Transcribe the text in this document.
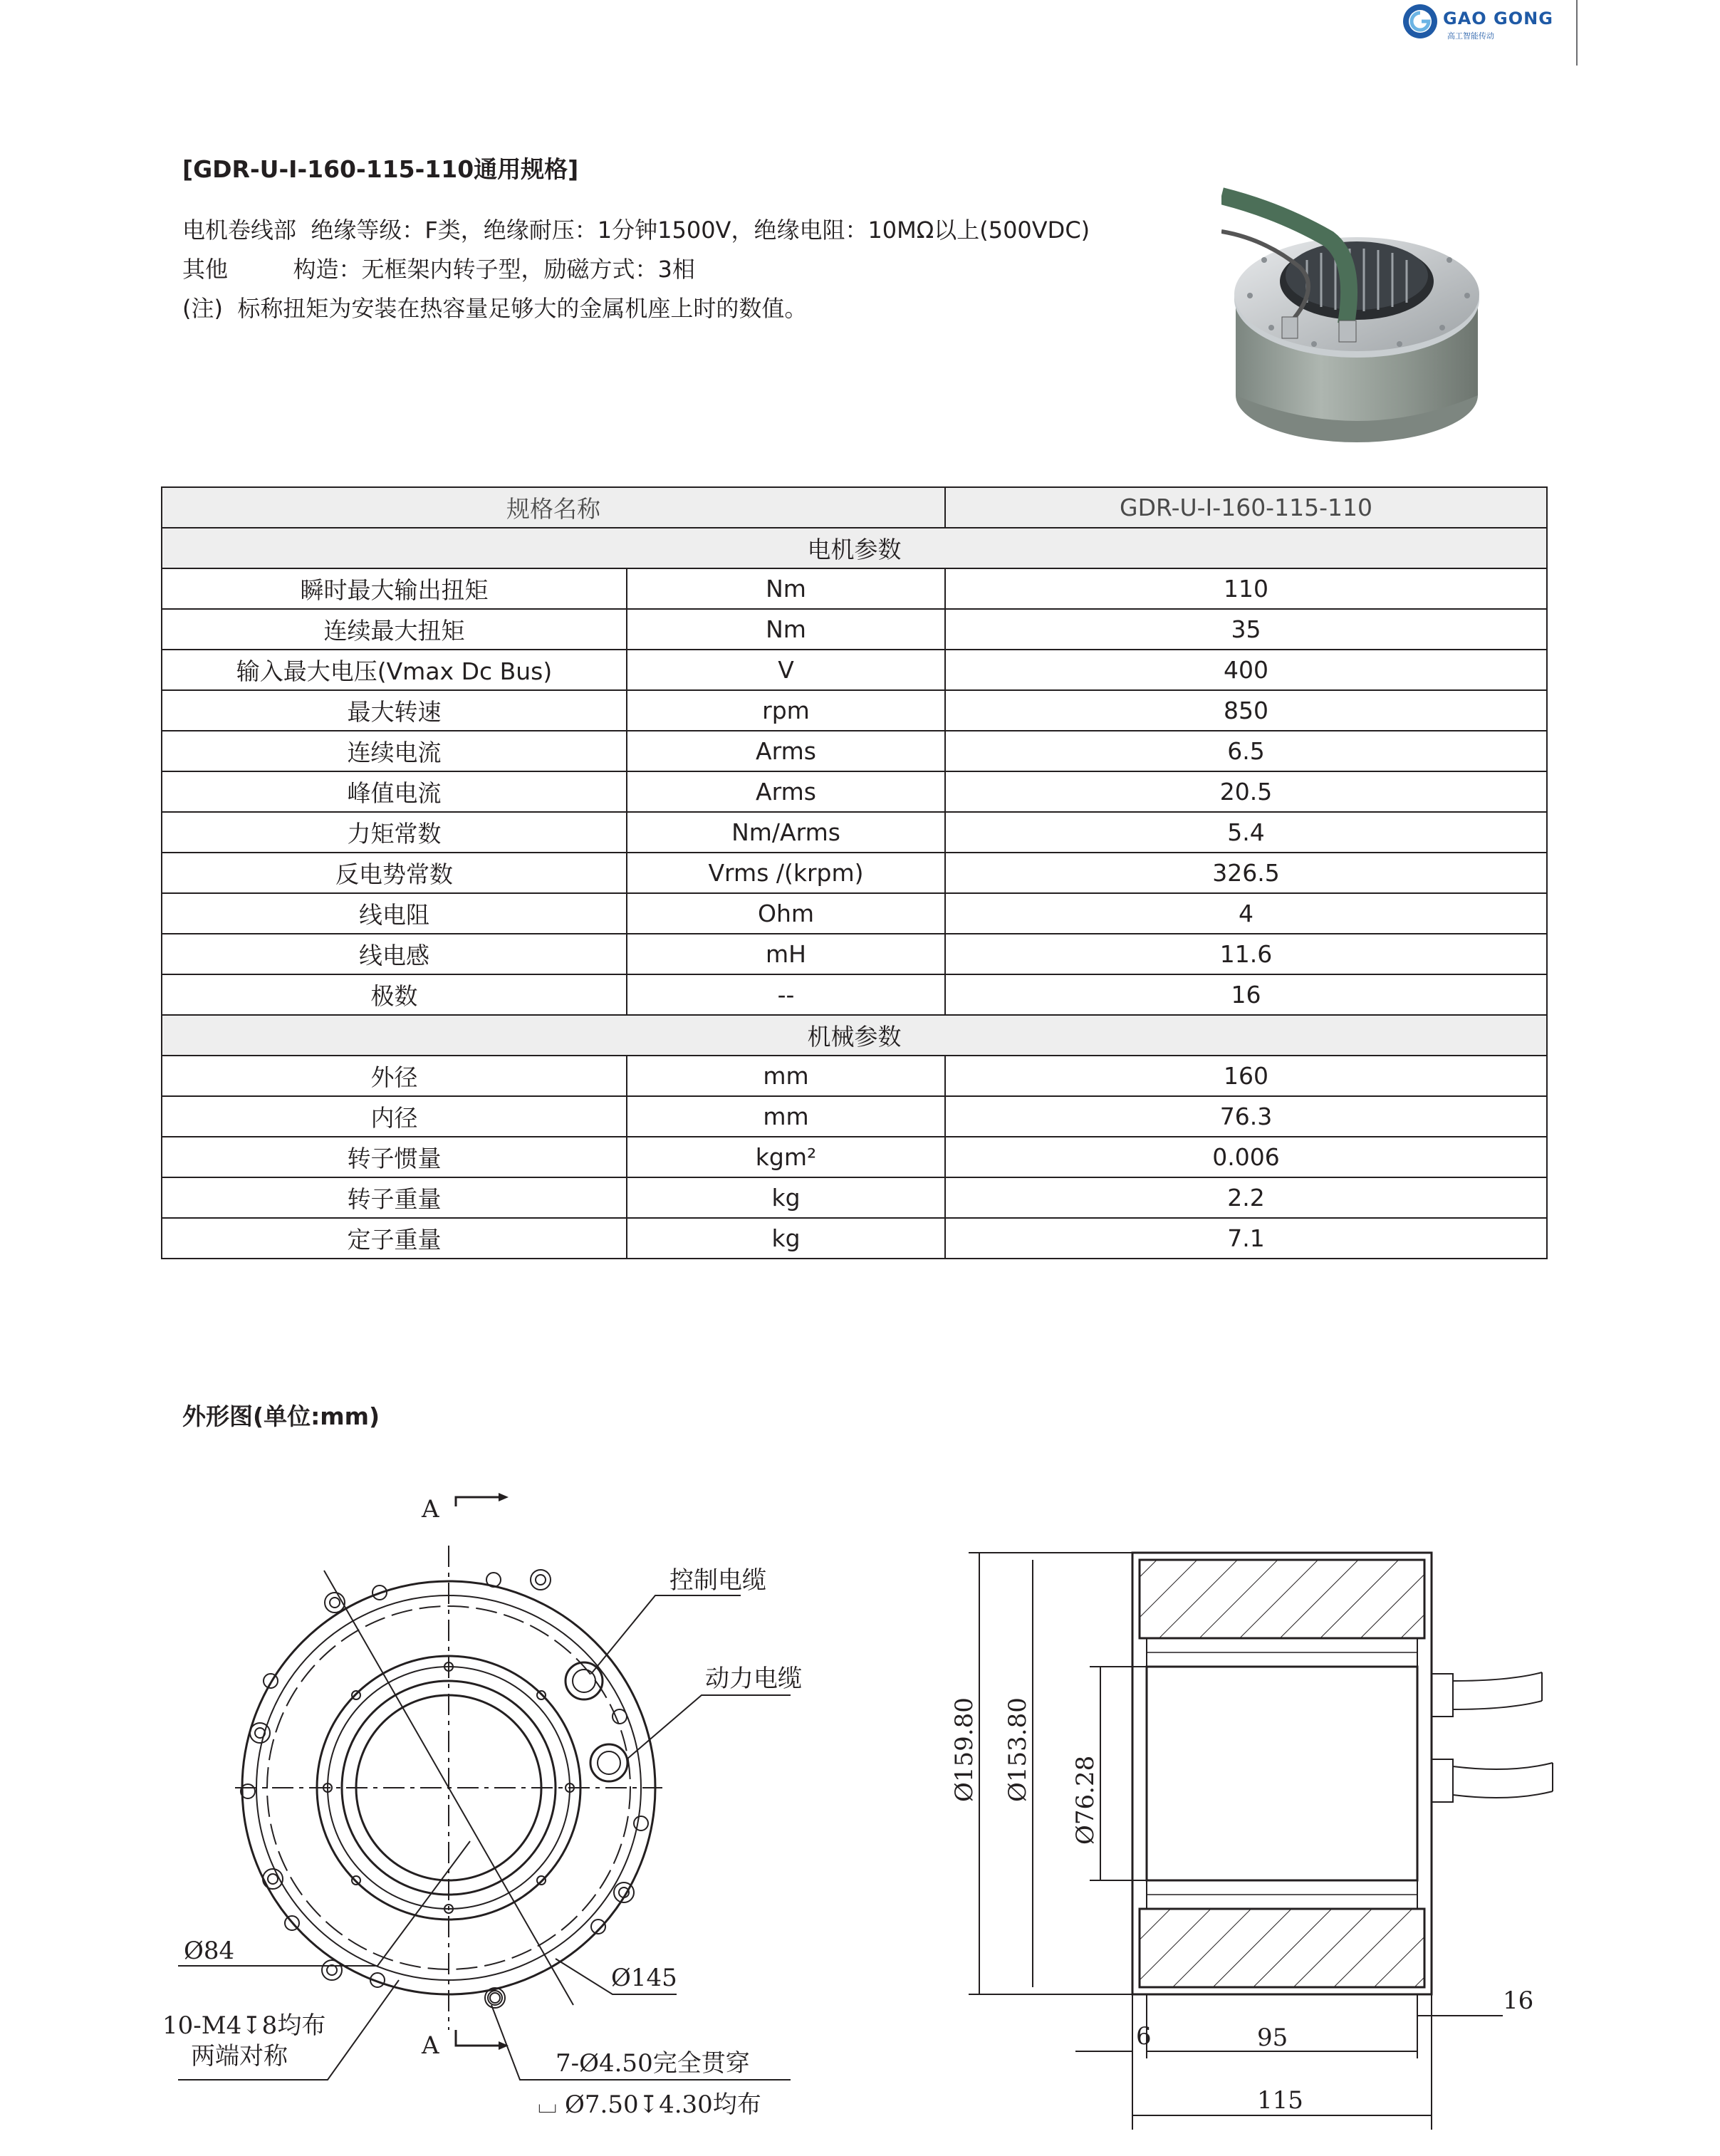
GAO GONG
高工智能传动
[GDR-U-I-160-115-110通用规格]
电机卷线部  绝缘等级：F类，绝缘耐压：1分钟1500V，绝缘电阻：10MΩ以上(500VDC)
其他         构造：无框架内转子型，励磁方式：3相
(注)  标称扭矩为安装在热容量足够大的金属机座上时的数值。
规格名称		GDR-U-I-160-115-110
电机参数		
瞬时最大输出扭矩	Nm	110
连续最大扭矩	Nm	35
输入最大电压(Vmax Dc Bus)	V	400
最大转速	rpm	850
连续电流	Arms	6.5
峰值电流	Arms	20.5
力矩常数	Nm/Arms	5.4
反电势常数	Vrms /(krpm)	326.5
线电阻	Ohm	4
线电感	mH	11.6
极数	--	16
机械参数		
外径	mm	160
内径	mm	76.3
转子惯量	kgm²	0.006
转子重量	kg	2.2
定子重量	kg	7.1
外形图(单位:mm)
A
控制电缆
动力电缆
Ø84
Ø145
10-M4↧8均布
两端对称	7-Ø4.50完全贯穿
⌴ Ø7.50↧4.30均布
A
Ø159.80 Ø153.80 Ø76.28
6	95
115
16
